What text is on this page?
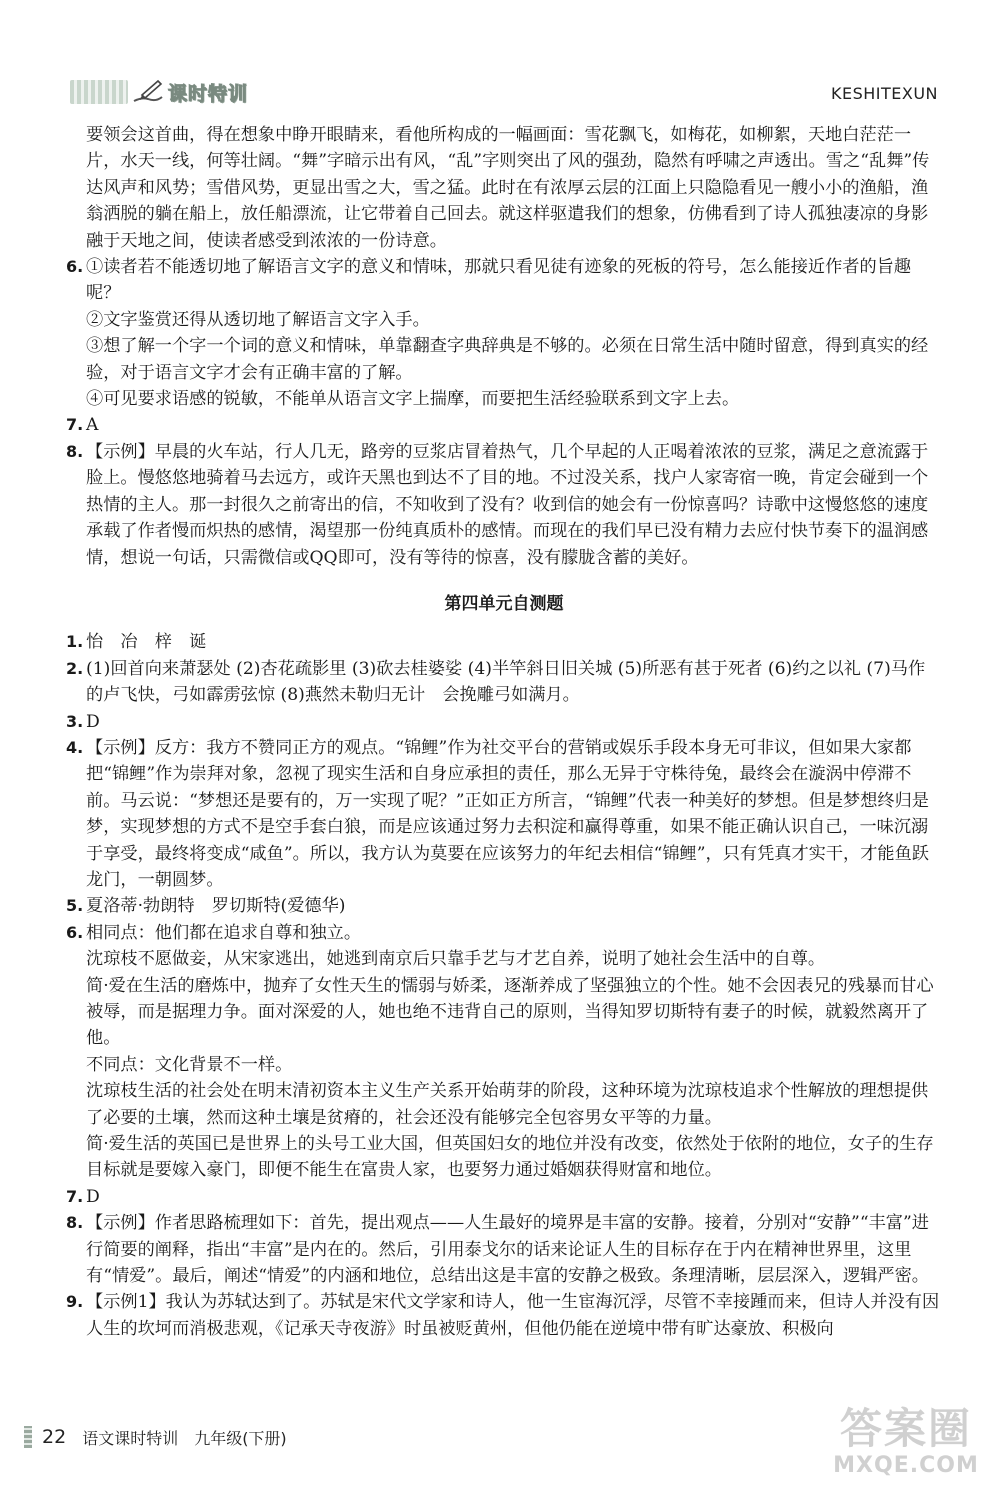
课时特训	KESHITEXUN

要领会这首曲，得在想象中睁开眼睛来，看他所构成的一幅画面：雪花飘飞，如梅花，如柳絮，天地白茫茫一片，水天一线，何等壮阔。“舞”字暗示出有风，“乱”字则突出了风的强劲，隐然有呼啸之声透出。雪之“乱舞”传达风声和风势；雪借风势，更显出雪之大，雪之猛。此时在有浓厚云层的江面上只隐隐看见一艘小小的渔船，渔翁洒脱的躺在船上，放任船漂流，让它带着自己回去。就这样驱遣我们的想象，仿佛看到了诗人孤独凄凉的身影融于天地之间，使读者感受到浓浓的一份诗意。

6. ①读者若不能透切地了解语言文字的意义和情味，那就只看见徒有迹象的死板的符号，怎么能接近作者的旨趣呢？

②文字鉴赏还得从透切地了解语言文字入手。

③想了解一个字一个词的意义和情味，单靠翻查字典辞典是不够的。必须在日常生活中随时留意，得到真实的经验，对于语言文字才会有正确丰富的了解。

④可见要求语感的锐敏，不能单从语言文字上揣摩，而要把生活经验联系到文字上去。

7. A

8. 【示例】早晨的火车站，行人几无，路旁的豆浆店冒着热气，几个早起的人正喝着浓浓的豆浆，满足之意流露于脸上。慢悠悠地骑着马去远方，或许天黑也到达不了目的地。不过没关系，找户人家寄宿一晚，肯定会碰到一个热情的主人。那一封很久之前寄出的信，不知收到了没有？收到信的她会有一份惊喜吗？诗歌中这慢悠悠的速度承载了作者慢而炽热的感情，渴望那一份纯真质朴的感情。而现在的我们早已没有精力去应付快节奏下的温润感情，想说一句话，只需微信或QQ即可，没有等待的惊喜，没有朦胧含蓄的美好。

第四单元自测题
1. 怡　冶　梓　诞

2. (1)回首向来萧瑟处 (2)杏花疏影里 (3)砍去桂婆娑 (4)半竿斜日旧关城 (5)所恶有甚于死者 (6)约之以礼 (7)马作的卢飞快，弓如霹雳弦惊 (8)燕然未勒归无计　会挽雕弓如满月。

3. D

4. 【示例】反方：我方不赞同正方的观点。“锦鲤”作为社交平台的营销或娱乐手段本身无可非议，但如果大家都把“锦鲤”作为崇拜对象，忽视了现实生活和自身应承担的责任，那么无异于守株待兔，最终会在漩涡中停滞不前。马云说：“梦想还是要有的，万一实现了呢？”正如正方所言，“锦鲤”代表一种美好的梦想。但是梦想终归是梦，实现梦想的方式不是空手套白狼，而是应该通过努力去积淀和赢得尊重，如果不能正确认识自己，一味沉溺于享受，最终将变成“咸鱼”。所以，我方认为莫要在应该努力的年纪去相信“锦鲤”，只有凭真才实干，才能鱼跃龙门，一朝圆梦。

5. 夏洛蒂·勃朗特　罗切斯特(爱德华)

6. 相同点：他们都在追求自尊和独立。

沈琼枝不愿做妾，从宋家逃出，她逃到南京后只靠手艺与才艺自养，说明了她社会生活中的自尊。

简·爱在生活的磨炼中，抛弃了女性天生的懦弱与娇柔，逐渐养成了坚强独立的个性。她不会因表兄的残暴而甘心被辱，而是据理力争。面对深爱的人，她也绝不违背自己的原则，当得知罗切斯特有妻子的时候，就毅然离开了他。

不同点：文化背景不一样。

沈琼枝生活的社会处在明末清初资本主义生产关系开始萌芽的阶段，这种环境为沈琼枝追求个性解放的理想提供了必要的土壤，然而这种土壤是贫瘠的，社会还没有能够完全包容男女平等的力量。

简·爱生活的英国已是世界上的头号工业大国，但英国妇女的地位并没有改变，依然处于依附的地位，女子的生存目标就是要嫁入豪门，即便不能生在富贵人家，也要努力通过婚姻获得财富和地位。

7. D

8. 【示例】作者思路梳理如下：首先，提出观点——人生最好的境界是丰富的安静。接着，分别对“安静”“丰富”进行简要的阐释，指出“丰富”是内在的。然后，引用泰戈尔的话来论证人生的目标存在于内在精神世界里，这里有“情爱”。最后，阐述“情爱”的内涵和地位，总结出这是丰富的安静之极致。条理清晰，层层深入，逻辑严密。

9. 【示例1】我认为苏轼达到了。苏轼是宋代文学家和诗人，他一生宦海沉浮，尽管不幸接踵而来，但诗人并没有因人生的坎坷而消极悲观，《记承天寺夜游》时虽被贬黄州，但他仍能在逆境中带有旷达豪放、积极向

22 语文课时特训　九年级(下册)	答案圈
MXQE.COM
